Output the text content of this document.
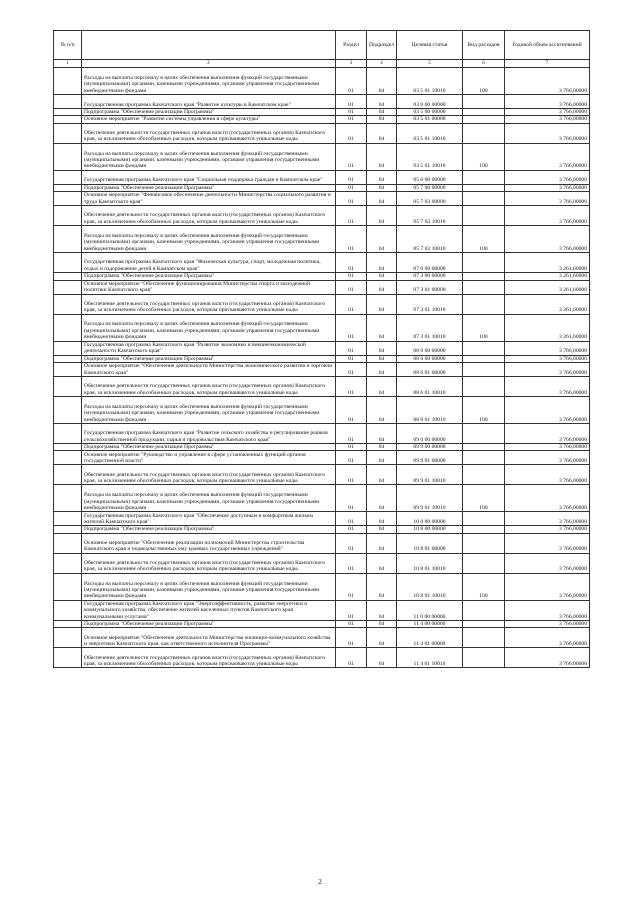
№ п/п		Раздел	Подраздел	Целевая статья	Вид расходов	Годовой объем ассигнований
1	2	3	4	5	6	7
	Расходы на выплаты персоналу в целях обеспечения выполнения функций государственными (муниципальными) органами, казенными учреждениями, органами управления государственными внебюджетными фондами	01	04	03 5 01 10010	100	3 766,00000
	Государственная программа Камчатского края "Развитие культуры в Камчатском крае"	01	04	03 0 00 00000		3 766,00000
	Подпрограмма "Обеспечение реализации Программы"	01	04	03 5 00 00000		3 766,00000
	Основное мероприятие "Развитие системы управления в сфере культуры"	01	04	03 5 01 00000		3 766,00000
	Обеспечение деятельности государственных органов власти (государственных органов) Камчатского края, за исключением обособленных расходов, которым присваиваются уникальные коды	01	04	03 5 01 10010		3 766,00000
	Расходы на выплаты персоналу в целях обеспечения выполнения функций государственными (муниципальными) органами, казенными учреждениями, органами управления государственными внебюджетными фондами	01	04	03 5 01 10010	100	3 766,00000
	Государственная программа Камчатского края "Социальная поддержка граждан в Камчатском крае"	01	04	05 0 00 00000		3 766,00000
	Подпрограмма "Обеспечение реализации Программы"	01	04	05 7 00 00000		3 766,00000
	Основное мероприятие "Финансовое обеспечение деятельности Министерства социального развития и труда Камчатского края"	01	04	05 7 03 00000		3 766,00000
	Обеспечение деятельности государственных органов власти (государственных органов) Камчатского края, за исключением обособленных расходов, которым присваиваются уникальные коды	01	04	05 7 03 10010		3 766,00000
	Расходы на выплаты персоналу в целях обеспечения выполнения функций государственными (муниципальными) органами, казенными учреждениями, органами управления государственными внебюджетными фондами	01	04	05 7 03 10010	100	3 766,00000
	Государственная программа Камчатского края "Физическая культура, спорт, молодежная политика, отдых и оздоровление детей в Камчатском крае"	01	04	07 0 00 00000		3 261,60000
	Подпрограмма "Обеспечение реализации Программы"	01	04	07 3 00 00000		3 261,60000
	Основное мероприятие "Обеспечение функционирования Министерства спорта и молодежной политики Камчатского края"	01	04	07 3 01 00000		3 261,60000
	Обеспечение деятельности государственных органов власти (государственных органов) Камчатского края, за исключением обособленных расходов, которым присваиваются уникальные коды	01	04	07 3 01 10010		3 261,60000
	Расходы на выплаты персоналу в целях обеспечения выполнения функций государственными (муниципальными) органами, казенными учреждениями, органами управления государственными внебюджетными фондами	01	04	07 3 01 10010	100	3 261,60000
	Государственная программа Камчатского края "Развитие экономики и внешнеэкономической деятельности Камчатского края"	01	04	08 0 00 00000		3 766,00000
	Подпрограмма "Обеспечение реализации Программы"	01	04	08 6 00 00000		3 766,00000
	Основное мероприятие "Обеспечение деятельности Министерства экономического развития и торговли Камчатского края"	01	04	08 6 01 00000		3 766,00000
	Обеспечение деятельности государственных органов власти (государственных органов) Камчатского края, за исключением обособленных расходов, которым присваиваются уникальные коды	01	04	08 6 01 10010		3 766,00000
	Расходы на выплаты персоналу в целях обеспечения выполнения функций государственными (муниципальными) органами, казенными учреждениями, органами управления государственными внебюджетными фондами	01	04	08 6 01 10010	100	3 766,00000
	Государственная программа Камчатского края "Развитие сельского хозяйства и регулирование рынков сельскохозяйственной продукции, сырья и продовольствия Камчатского края"	01	04	09 0 00 00000		3 766,00000
	Подпрограмма "Обеспечение реализации Программы"	01	04	09 9 00 00000		3 766,00000
	Основное мероприятие "Руководство и управление в сфере установленных функций органов государственной власти"	01	04	09 9 01 00000		3 766,00000
	Обеспечение деятельности государственных органов власти (государственных органов) Камчатского края, за исключением обособленных расходов, которым присваиваются уникальные коды	01	04	09 9 01 10010		3 766,00000
	Расходы на выплаты персоналу в целях обеспечения выполнения функций государственными (муниципальными) органами, казенными учреждениями, органами управления государственными внебюджетными фондами	01	04	09 9 01 10010	100	3 766,00000
	Государственная программа Камчатского края "Обеспечение доступным и комфортным жильем жителей Камчатского края"	01	04	10 0 00 00000		3 766,00000
	Подпрограмма "Обеспечение реализации Программы"	01	04	10 8 00 00000		3 766,00000
	Основное мероприятие "Обеспечение реализации полномочий Министерства строительства Камчатского края и подведомственных ему краевых государственных учреждений"	01	04	10 8 01 00000		3 766,00000
	Обеспечение деятельности государственных органов власти (государственных органов) Камчатского края, за исключением обособленных расходов, которым присваиваются уникальные коды	01	04	10 8 01 10010		3 766,00000
	Расходы на выплаты персоналу в целях обеспечения выполнения функций государственными (муниципальными) органами, казенными учреждениями, органами управления государственными внебюджетными фондами	01	04	10 8 01 10010	100	3 766,00000
	Государственная программа Камчатского края "Энергоэффективность, развитие энергетики и коммунального хозяйства, обеспечение жителей населенных пунктов Камчатского края коммунальными услугами"	01	04	11 0 00 00000		3 766,00000
	Подпрограмма "Обеспечение реализации Программы"	01	04	11 4 00 00000		3 766,00000
	Основное мероприятие "Обеспечение деятельности Министерства жилищно-коммунального хозяйства и энергетики Камчатского края, как ответственного исполнителя Программы"	01	04	11 4 01 00000		3 766,00000
	Обеспечение деятельности государственных органов власти (государственных органов) Камчатского края, за исключением обособленных расходов, которым присваиваются уникальные коды	01	04	11 4 01 10010		3 766,00000
2
